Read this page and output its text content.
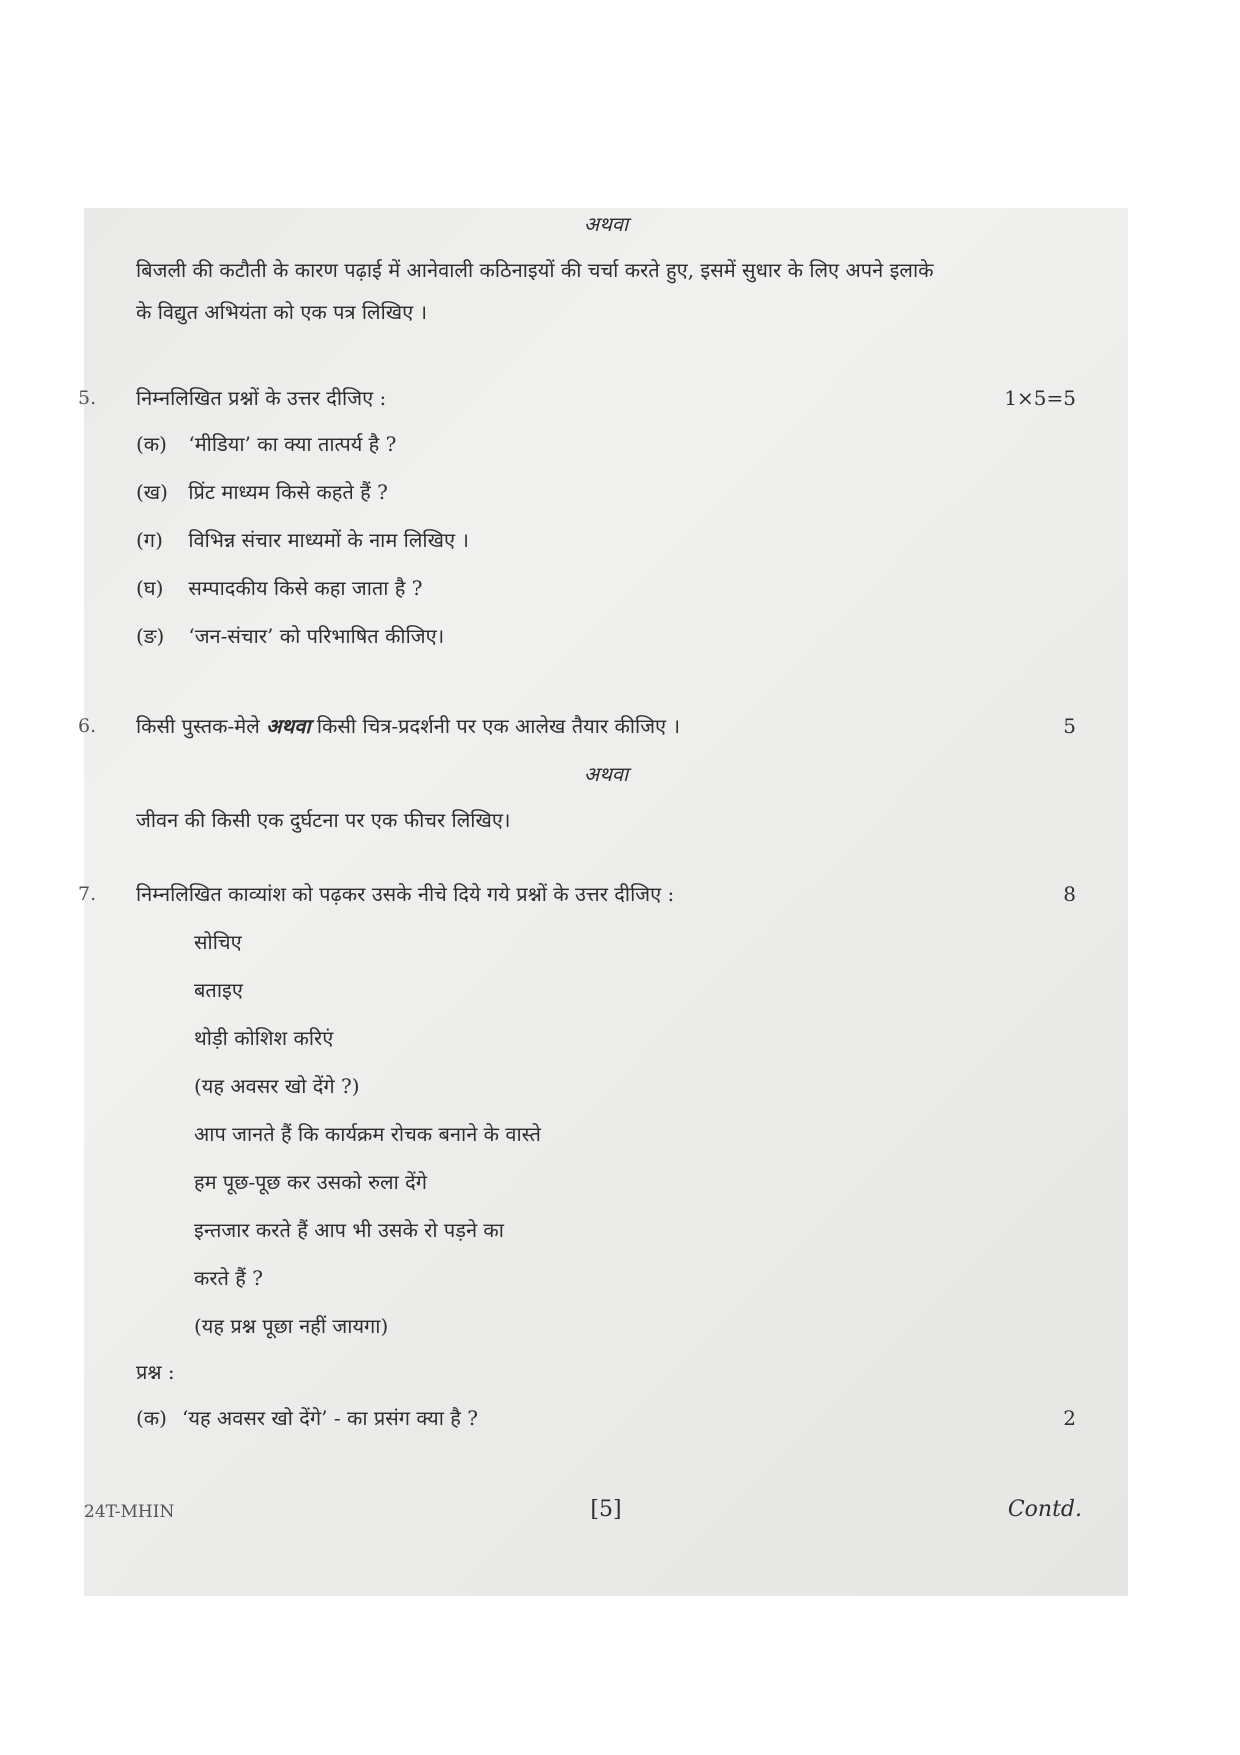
अथवा
बिजली की कटौती के कारण पढ़ाई में आनेवाली कठिनाइयों की चर्चा करते हुए, इसमें सुधार के लिए अपने इलाके
के विद्युत अभियंता को एक पत्र लिखिए ।
5. निम्नलिखित प्रश्नों के उत्तर दीजिए :	1×5=5
(क) ‘मीडिया’ का क्या तात्पर्य है ?
(ख) प्रिंट माध्यम किसे कहते हैं ?
(ग) विभिन्न संचार माध्यमों के नाम लिखिए ।
(घ) सम्पादकीय किसे कहा जाता है ?
(ङ) ‘जन-संचार’ को परिभाषित कीजिए।
6. किसी पुस्तक-मेले अथवा किसी चित्र-प्रदर्शनी पर एक आलेख तैयार कीजिए ।	5
अथवा
जीवन की किसी एक दुर्घटना पर एक फीचर लिखिए।
7. निम्नलिखित काव्यांश को पढ़कर उसके नीचे दिये गये प्रश्नों के उत्तर दीजिए :	8
सोचिए
बताइए
थोड़ी कोशिश करिएं
(यह अवसर खो देंगे ?)
आप जानते हैं कि कार्यक्रम रोचक बनाने के वास्ते
हम पूछ-पूछ कर उसको रुला देंगे
इन्तजार करते हैं आप भी उसके रो पड़ने का
करते हैं ?
(यह प्रश्न पूछा नहीं जायगा)
प्रश्न :
(क) ‘यह अवसर खो देंगे’ - का प्रसंग क्या है ?	2
24T-MHIN	[5]	Contd.
